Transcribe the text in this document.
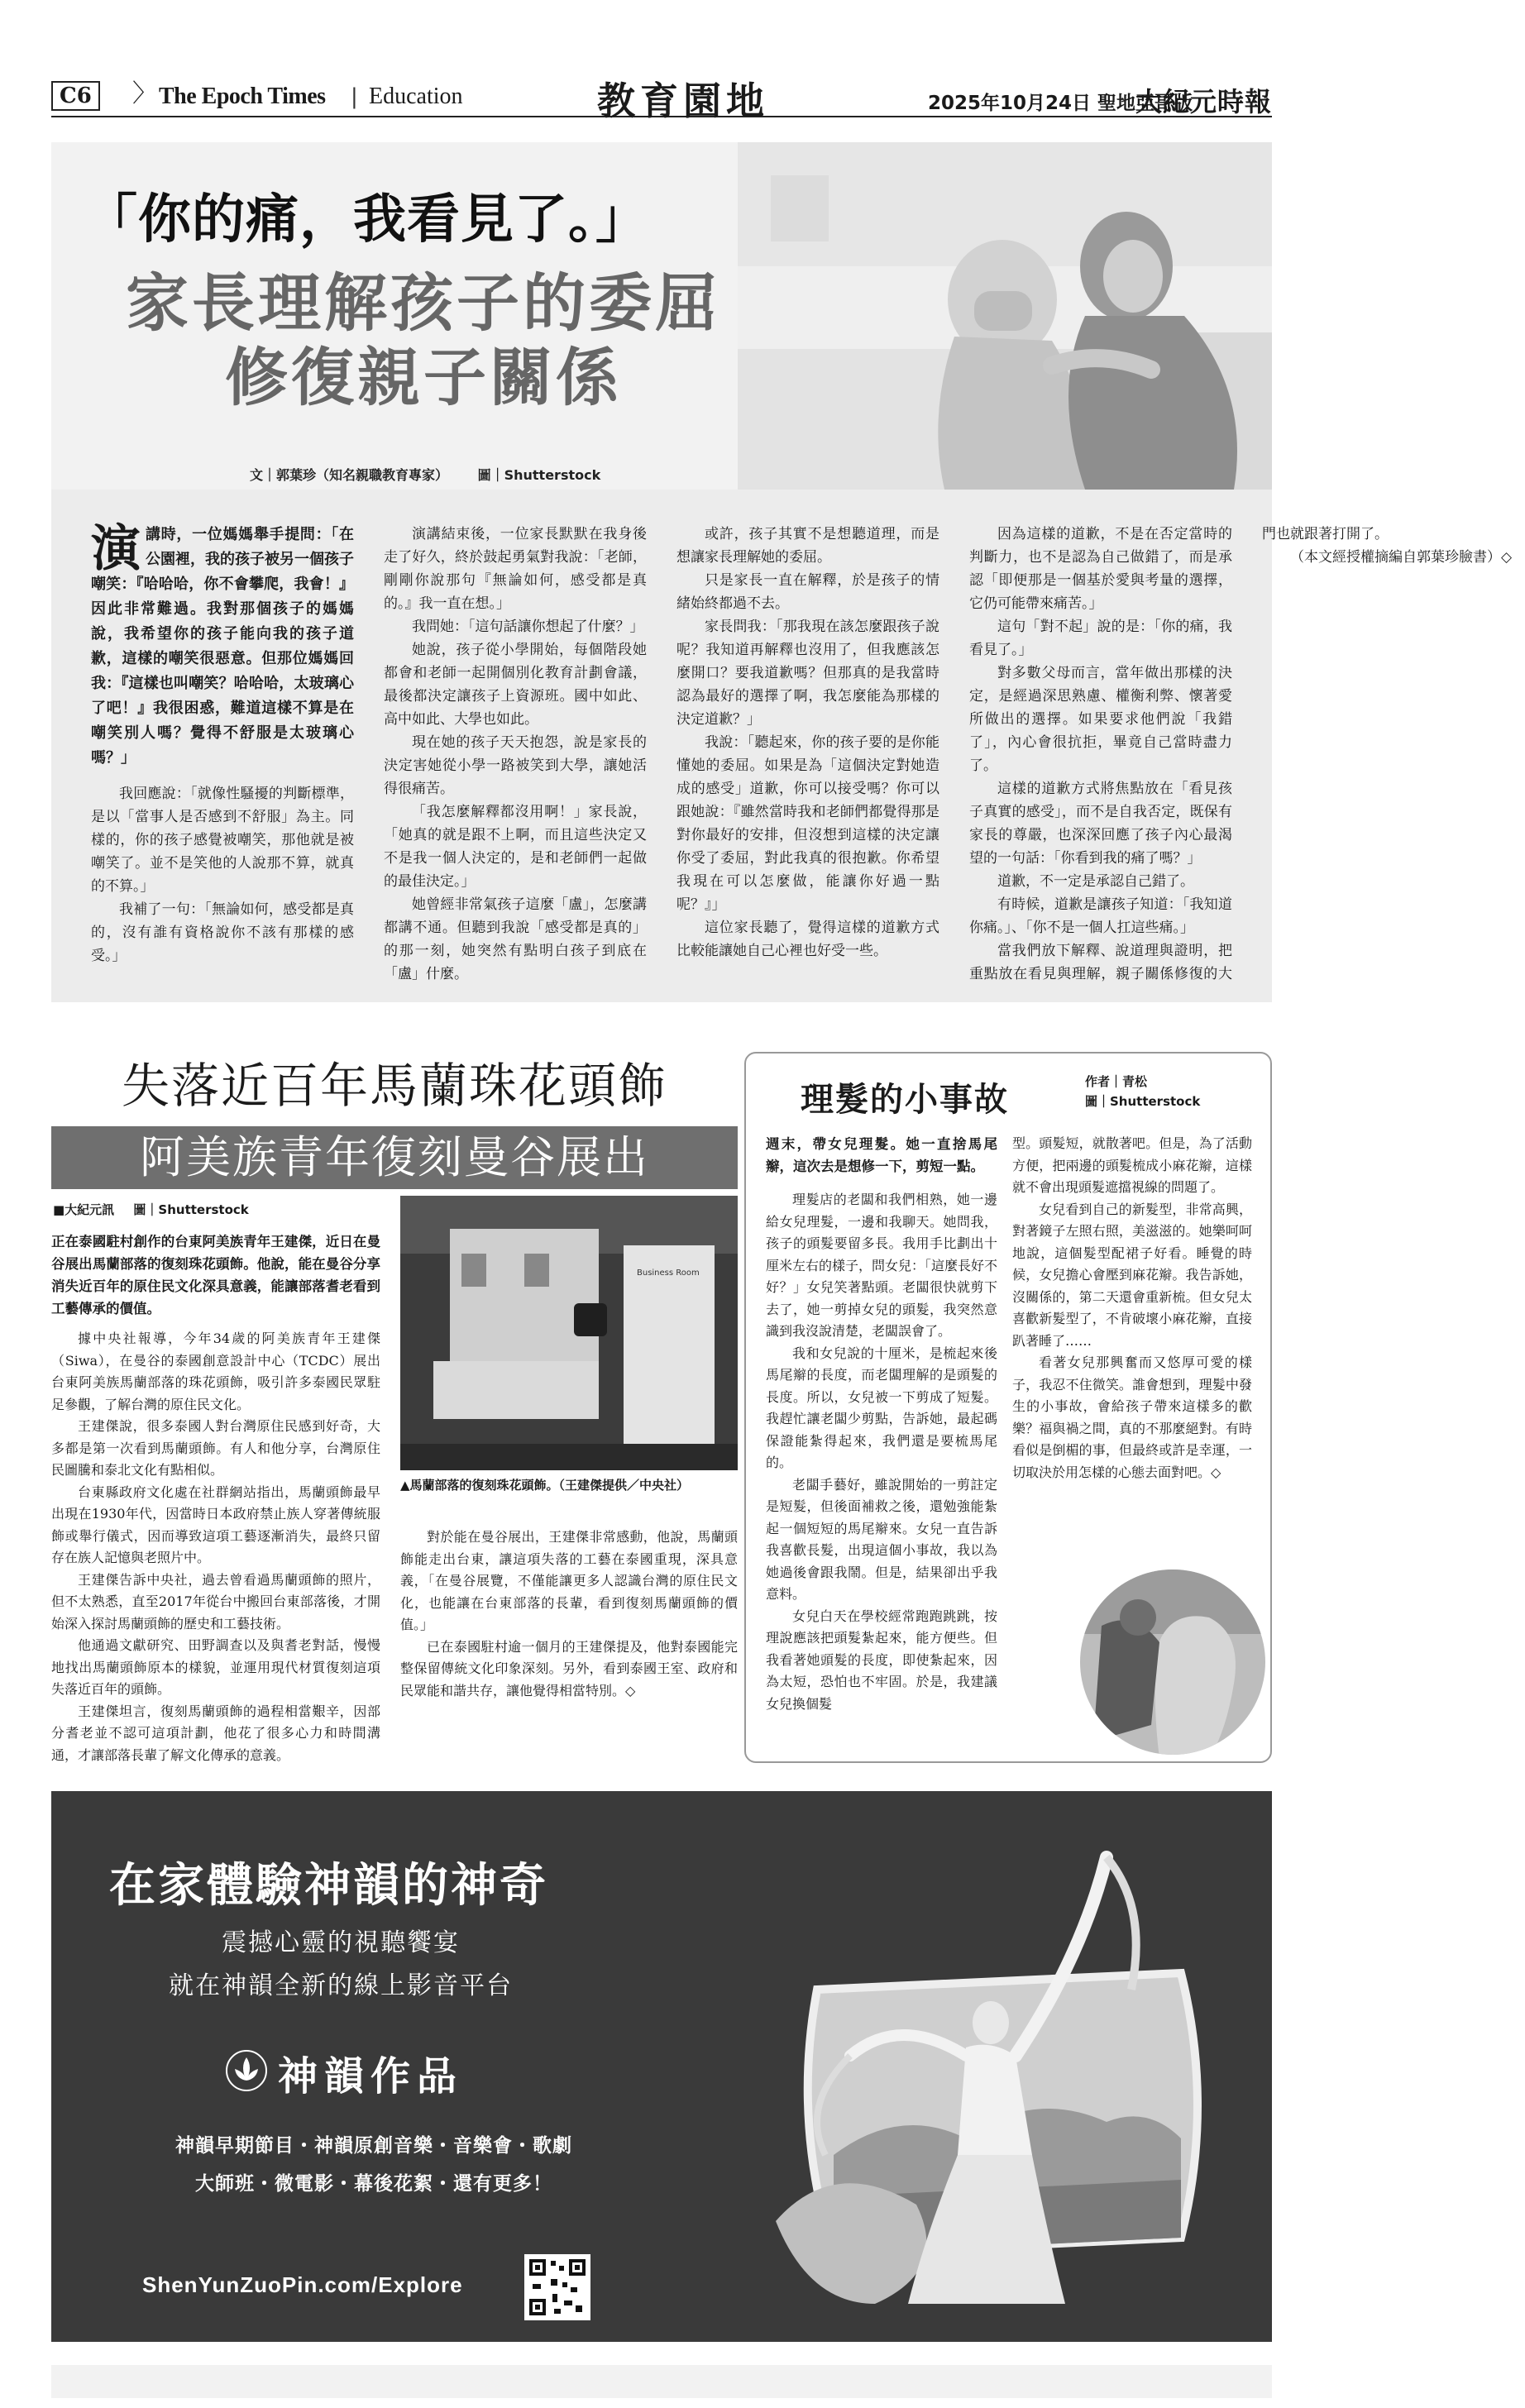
C6	〉 The Epoch Times | Education	教育園地	2025年10月24日 聖地亞哥版
大紀元時報
「你的痛，我看見了。」
家長理解孩子的委屈
修復親子關係
文｜郭葉珍（知名親職教育專家） 圖｜Shutterstock
演講時，一位媽媽舉手提問：「在公園裡，我的孩子被另一個孩子嘲笑：『哈哈哈，你不會攀爬，我會！』因此非常難過。我對那個孩子的媽媽說，我希望你的孩子能向我的孩子道歉，這樣的嘲笑很惡意。但那位媽媽回我：『這樣也叫嘲笑？哈哈哈，太玻璃心了吧！』我很困惑，難道這樣不算是在嘲笑別人嗎？覺得不舒服是太玻璃心嗎？」

我回應說：「就像性騷擾的判斷標準，是以「當事人是否感到不舒服」為主。同樣的，你的孩子感覺被嘲笑，那他就是被嘲笑了。並不是笑他的人說那不算，就真的不算。」

我補了一句：「無論如何，感受都是真的，沒有誰有資格說你不該有那樣的感受。」

演講結束後，一位家長默默在我身後走了好久，終於鼓起勇氣對我說：「老師，剛剛你說那句『無論如何，感受都是真的。』我一直在想。」

我問她：「這句話讓你想起了什麼？」

她說，孩子從小學開始，每個階段她都會和老師一起開個別化教育計劃會議，最後都決定讓孩子上資源班。國中如此、高中如此、大學也如此。

現在她的孩子天天抱怨，說是家長的決定害她從小學一路被笑到大學，讓她活得很痛苦。

「我怎麼解釋都沒用啊！」家長說，「她真的就是跟不上啊，而且這些決定又不是我一個人決定的，是和老師們一起做的最佳決定。」

她曾經非常氣孩子這麼「盧」，怎麼講都講不通。但聽到我說「感受都是真的」的那一刻，她突然有點明白孩子到底在「盧」什麼。

或許，孩子其實不是想聽道理，而是想讓家長理解她的委屈。

只是家長一直在解釋，於是孩子的情緒始終都過不去。

家長問我：「那我現在該怎麼跟孩子說呢？我知道再解釋也沒用了，但我應該怎麼開口？要我道歉嗎？但那真的是我當時認為最好的選擇了啊，我怎麼能為那樣的決定道歉？」

我說：「聽起來，你的孩子要的是你能懂她的委屈。如果是為「這個決定對她造成的感受」道歉，你可以接受嗎？你可以跟她說：『雖然當時我和老師們都覺得那是對你最好的安排，但沒想到這樣的決定讓你受了委屈，對此我真的很抱歉。你希望我現在可以怎麼做，能讓你好過一點呢？』」

這位家長聽了，覺得這樣的道歉方式比較能讓她自己心裡也好受一些。

因為這樣的道歉，不是在否定當時的判斷力，也不是認為自己做錯了，而是承認「即便那是一個基於愛與考量的選擇，它仍可能帶來痛苦。」

這句「對不起」說的是：「你的痛，我看見了。」

對多數父母而言，當年做出那樣的決定，是經過深思熟慮、權衡利弊、懷著愛所做出的選擇。如果要求他們說「我錯了」，內心會很抗拒，畢竟自己當時盡力了。

這樣的道歉方式將焦點放在「看見孩子真實的感受」，而不是自我否定，既保有家長的尊嚴，也深深回應了孩子內心最渴望的一句話：「你看到我的痛了嗎？」

道歉，不一定是承認自己錯了。

有時候，道歉是讓孩子知道：「我知道你痛。」、「你不是一個人扛這些痛。」

當我們放下解釋、說道理與證明，把重點放在看見與理解，親子關係修復的大門也就跟著打開了。

（本文經授權摘編自郭葉珍臉書）◇

失落近百年馬蘭珠花頭飾
阿美族青年復刻曼谷展出
■大紀元訊 圖｜Shutterstock
正在泰國駐村創作的台東阿美族青年王建傑，近日在曼谷展出馬蘭部落的復刻珠花頭飾。他說，能在曼谷分享消失近百年的原住民文化深具意義，能讓部落耆老看到工藝傳承的價值。

據中央社報導，今年34歲的阿美族青年王建傑（Siwa），在曼谷的泰國創意設計中心（TCDC）展出台東阿美族馬蘭部落的珠花頭飾，吸引許多泰國民眾駐足參觀，了解台灣的原住民文化。

王建傑說，很多泰國人對台灣原住民感到好奇，大多都是第一次看到馬蘭頭飾。有人和他分享，台灣原住民圖騰和泰北文化有點相似。

台東縣政府文化處在社群網站指出，馬蘭頭飾最早出現在1930年代，因當時日本政府禁止族人穿著傳統服飾或舉行儀式，因而導致這項工藝逐漸消失，最終只留存在族人記憶與老照片中。

王建傑告訴中央社，過去曾看過馬蘭頭飾的照片，但不太熟悉，直至2017年從台中搬回台東部落後，才開始深入探討馬蘭頭飾的歷史和工藝技術。

他通過文獻研究、田野調查以及與耆老對話，慢慢地找出馬蘭頭飾原本的樣貌，並運用現代材質復刻這項失落近百年的頭飾。

王建傑坦言，復刻馬蘭頭飾的過程相當艱辛，因部分耆老並不認可這項計劃，他花了很多心力和時間溝通，才讓部落長輩了解文化傳承的意義。

Business Room
▲馬蘭部落的復刻珠花頭飾。（王建傑提供／中央社）

對於能在曼谷展出，王建傑非常感動，他說，馬蘭頭飾能走出台東，讓這項失落的工藝在泰國重現，深具意義，「在曼谷展覽，不僅能讓更多人認識台灣的原住民文化，也能讓在台東部落的長輩，看到復刻馬蘭頭飾的價值。」

已在泰國駐村逾一個月的王建傑提及，他對泰國能完整保留傳統文化印象深刻。另外，看到泰國王室、政府和民眾能和諧共存，讓他覺得相當特別。◇

理髮的小事故	作者｜青松
圖｜Shutterstock
週末，帶女兒理髮。她一直捨馬尾辮，這次去是想修一下，剪短一點。

理髮店的老闆和我們相熟，她一邊給女兒理髮，一邊和我聊天。她問我，孩子的頭髮要留多長。我用手比劃出十厘米左右的樣子，問女兒：「這麼長好不好？」女兒笑著點頭。老闆很快就剪下去了，她一剪掉女兒的頭髮，我突然意識到我沒說清楚，老闆誤會了。

我和女兒說的十厘米，是梳起來後馬尾辮的長度，而老闆理解的是頭髮的長度。所以，女兒被一下剪成了短髮。我趕忙讓老闆少剪點，告訴她，最起碼保證能紮得起來，我們還是要梳馬尾的。

老闆手藝好，雖說開始的一剪註定是短髮，但後面補救之後，還勉強能紮起一個短短的馬尾辮來。女兒一直告訴我喜歡長髮，出現這個小事故，我以為她過後會跟我鬧。但是，結果卻出乎我意料。

女兒白天在學校經常跑跑跳跳，按理說應該把頭髮紮起來，能方便些。但我看著她頭髮的長度，即使紮起來，因為太短，恐怕也不牢固。於是，我建議女兒換個髮

型。頭髮短，就散著吧。但是，為了活動方便，把兩邊的頭髮梳成小麻花辮，這樣就不會出現頭髮遮擋視線的問題了。

女兒看到自己的新髮型，非常高興，對著鏡子左照右照，美滋滋的。她樂呵呵地說，這個髮型配裙子好看。睡覺的時候，女兒擔心會壓到麻花辮。我告訴她，沒關係的，第二天還會重新梳。但女兒太喜歡新髮型了，不肯破壞小麻花辮，直接趴著睡了……

看著女兒那興奮而又悠厚可愛的樣子，我忍不住微笑。誰會想到，理髮中發生的小事故，會給孩子帶來這樣多的歡樂？福與禍之間，真的不那麼絕對。有時看似是倒楣的事，但最終或許是幸運，一切取決於用怎樣的心態去面對吧。◇

在家體驗神韻的神奇
震撼心靈的視聽饗宴
就在神韻全新的線上影音平台
神韻作品
神韻早期節目・神韻原創音樂・音樂會・歌劇
大師班・微電影・幕後花絮・還有更多！
ShenYunZuoPin.com/Explore
